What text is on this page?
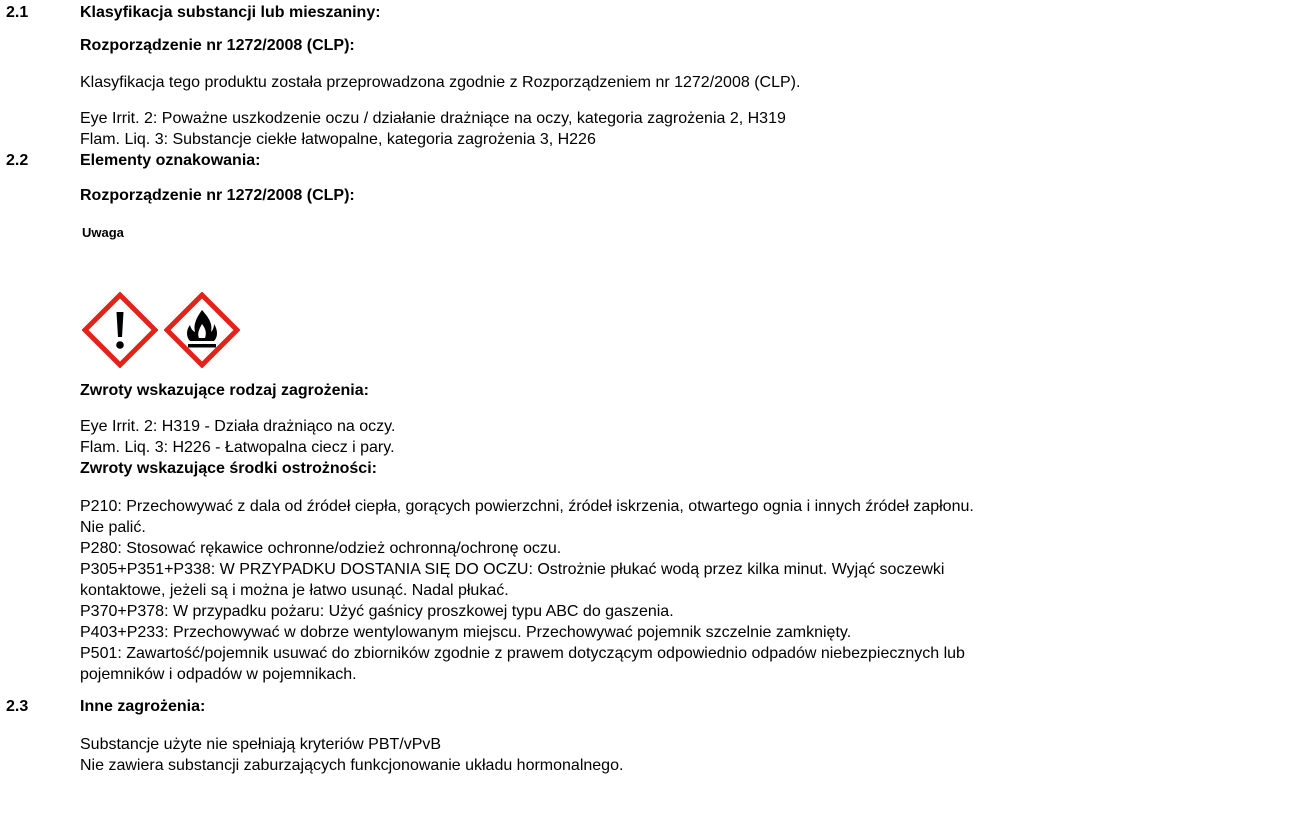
2.1	Klasyfikacja substancji lub mieszaniny:
Rozporządzenie nr 1272/2008 (CLP):
Klasyfikacja tego produktu została przeprowadzona zgodnie z Rozporządzeniem nr 1272/2008 (CLP).
Eye Irrit. 2: Poważne uszkodzenie oczu / działanie drażniące na oczy, kategoria zagrożenia 2, H319
Flam. Liq. 3: Substancje ciekłe łatwopalne, kategoria zagrożenia 3, H226
2.2	Elementy oznakowania:
Rozporządzenie nr 1272/2008 (CLP):
Uwaga
Zwroty wskazujące rodzaj zagrożenia:
Eye Irrit. 2: H319 - Działa drażniąco na oczy.
Flam. Liq. 3: H226 - Łatwopalna ciecz i pary.
Zwroty wskazujące środki ostrożności:
P210: Przechowywać z dala od źródeł ciepła, gorących powierzchni, źródeł iskrzenia, otwartego ognia i innych źródeł zapłonu.
Nie palić.
P280: Stosować rękawice ochronne/odzież ochronną/ochronę oczu.
P305+P351+P338: W PRZYPADKU DOSTANIA SIĘ DO OCZU: Ostrożnie płukać wodą przez kilka minut. Wyjąć soczewki
kontaktowe, jeżeli są i można je łatwo usunąć. Nadal płukać.
P370+P378: W przypadku pożaru: Użyć gaśnicy proszkowej typu ABC do gaszenia.
P403+P233: Przechowywać w dobrze wentylowanym miejscu. Przechowywać pojemnik szczelnie zamknięty.
P501: Zawartość/pojemnik usuwać do zbiorników zgodnie z prawem dotyczącym odpowiednio odpadów niebezpiecznych lub
pojemników i odpadów w pojemnikach.
2.3	Inne zagrożenia:
Substancje użyte nie spełniają kryteriów PBT/vPvB
Nie zawiera substancji zaburzających funkcjonowanie układu hormonalnego.
